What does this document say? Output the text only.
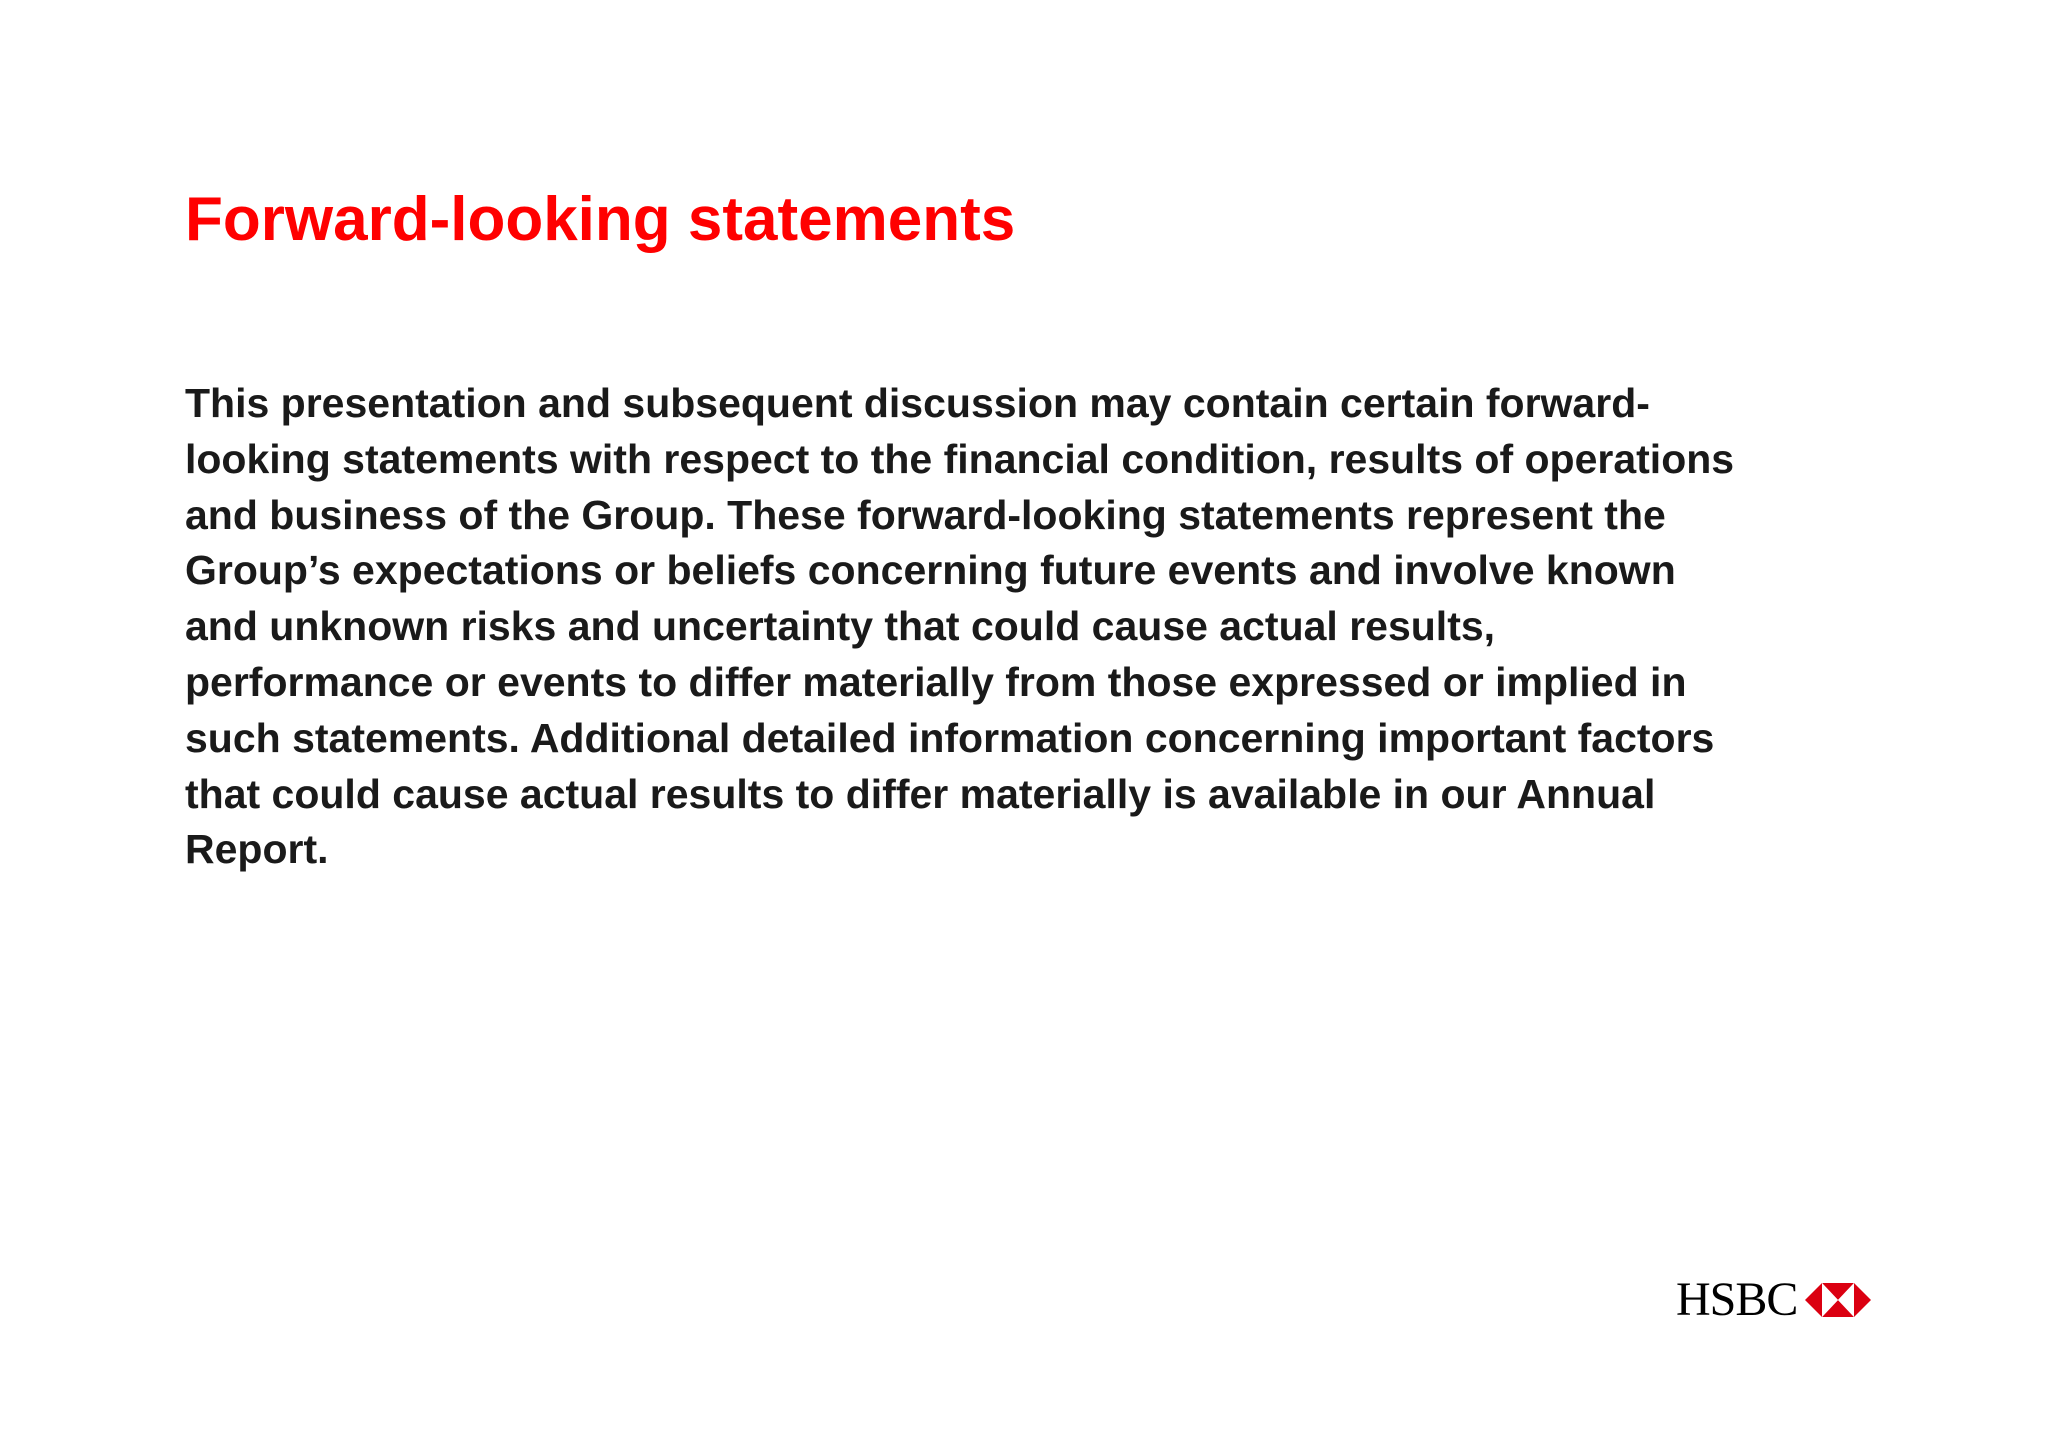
Forward-looking statements
This presentation and subsequent discussion may contain certain forward-
looking statements with respect to the financial condition, results of operations
and business of the Group. These forward-looking statements represent the
Group’s expectations or beliefs concerning future events and involve known
and unknown risks and uncertainty that could cause actual results,
performance or events to differ materially from those expressed or implied in
such statements. Additional detailed information concerning important factors
that could cause actual results to differ materially is available in our Annual
Report.
HSBC
